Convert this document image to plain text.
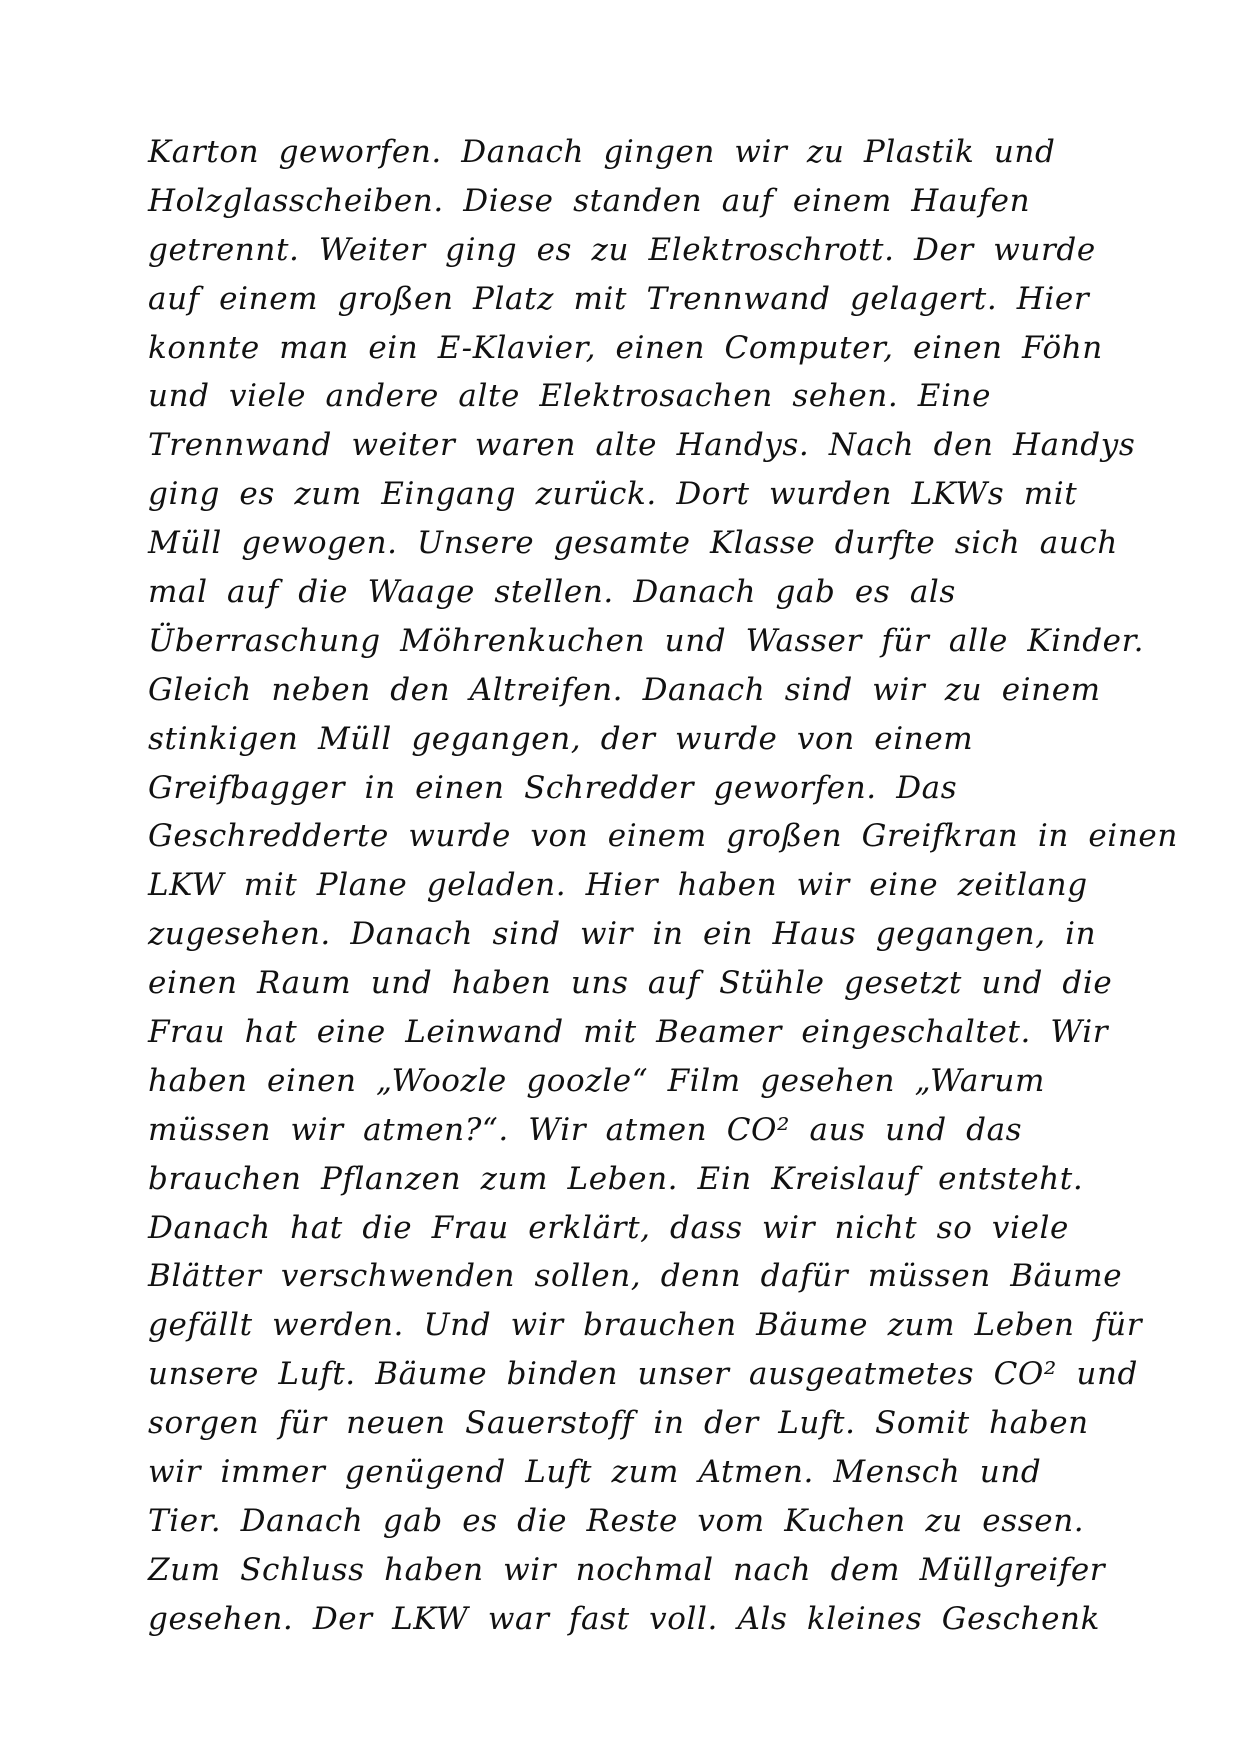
Karton geworfen. Danach gingen wir zu Plastik und
Holzglasscheiben. Diese standen auf einem Haufen
getrennt. Weiter ging es zu Elektroschrott. Der wurde
auf einem großen Platz mit Trennwand gelagert. Hier
konnte man ein E-Klavier, einen Computer, einen Föhn
und viele andere alte Elektrosachen sehen. Eine
Trennwand weiter waren alte Handys. Nach den Handys
ging es zum Eingang zurück. Dort wurden LKWs mit
Müll gewogen. Unsere gesamte Klasse durfte sich auch
mal auf die Waage stellen. Danach gab es als
Überraschung Möhrenkuchen und Wasser für alle Kinder.
Gleich neben den Altreifen. Danach sind wir zu einem
stinkigen Müll gegangen, der wurde von einem
Greifbagger in einen Schredder geworfen. Das
Geschredderte wurde von einem großen Greifkran in einen
LKW mit Plane geladen. Hier haben wir eine zeitlang
zugesehen. Danach sind wir in ein Haus gegangen, in
einen Raum und haben uns auf Stühle gesetzt und die
Frau hat eine Leinwand mit Beamer eingeschaltet. Wir
haben einen „Woozle goozle“ Film gesehen „Warum
müssen wir atmen?“. Wir atmen CO² aus und das
brauchen Pflanzen zum Leben. Ein Kreislauf entsteht.
Danach hat die Frau erklärt, dass wir nicht so viele
Blätter verschwenden sollen, denn dafür müssen Bäume
gefällt werden. Und wir brauchen Bäume zum Leben für
unsere Luft. Bäume binden unser ausgeatmetes CO² und
sorgen für neuen Sauerstoff in der Luft. Somit haben
wir immer genügend Luft zum Atmen. Mensch und
Tier. Danach gab es die Reste vom Kuchen zu essen.
Zum Schluss haben wir nochmal nach dem Müllgreifer
gesehen. Der LKW war fast voll. Als kleines Geschenk
